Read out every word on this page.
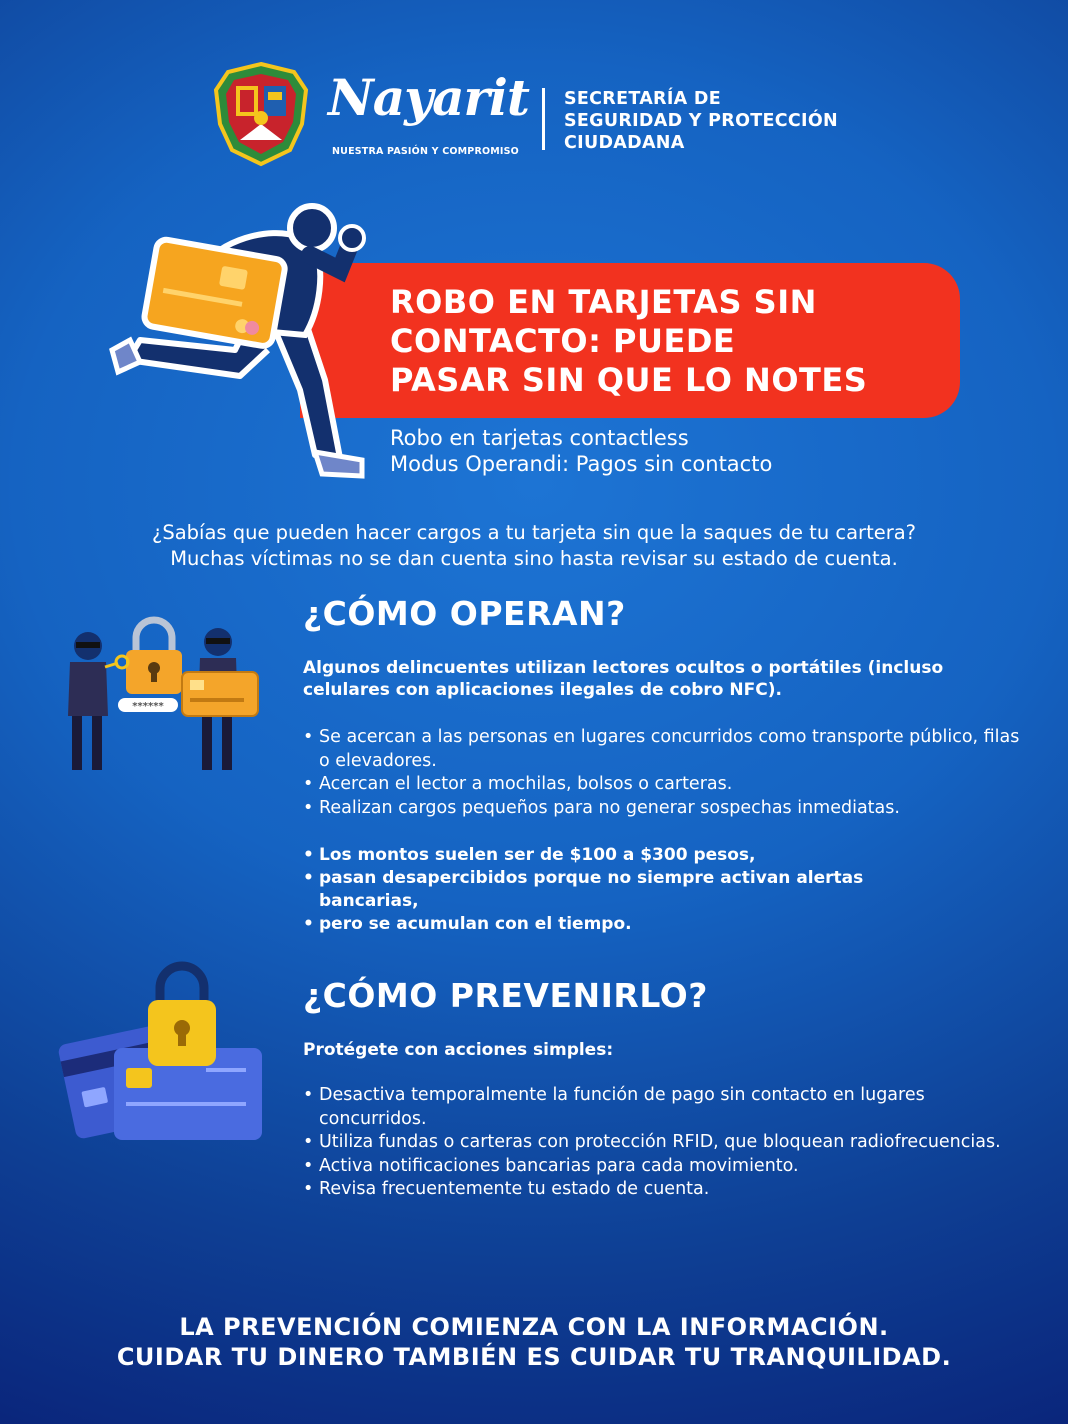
Nayarit
NUESTRA PASIÓN Y COMPROMISO
SECRETARÍA DE
SEGURIDAD Y PROTECCIÓN
CIUDADANA
ROBO EN TARJETAS SIN
CONTACTO: PUEDE
PASAR SIN QUE LO NOTES
Robo en tarjetas contactless
Modus Operandi: Pagos sin contacto
¿Sabías que pueden hacer cargos a tu tarjeta sin que la saques de tu cartera?
Muchas víctimas no se dan cuenta sino hasta revisar su estado de cuenta.
******
¿CÓMO OPERAN?
Algunos delincuentes utilizan lectores ocultos o portátiles (incluso celulares con aplicaciones ilegales de cobro NFC).
• Se acercan a las personas en lugares concurridos como transporte público, filas o elevadores.
• Acercan el lector a mochilas, bolsos o carteras.
• Realizan cargos pequeños para no generar sospechas inmediatas.
• Los montos suelen ser de $100 a $300 pesos,
• pasan desapercibidos porque no siempre activan alertas bancarias,
• pero se acumulan con el tiempo.
¿CÓMO PREVENIRLO?
Protégete con acciones simples:
• Desactiva temporalmente la función de pago sin contacto en lugares concurridos.
• Utiliza fundas o carteras con protección RFID, que bloquean radiofrecuencias.
• Activa notificaciones bancarias para cada movimiento.
• Revisa frecuentemente tu estado de cuenta.
LA PREVENCIÓN COMIENZA CON LA INFORMACIÓN.
CUIDAR TU DINERO TAMBIÉN ES CUIDAR TU TRANQUILIDAD.
